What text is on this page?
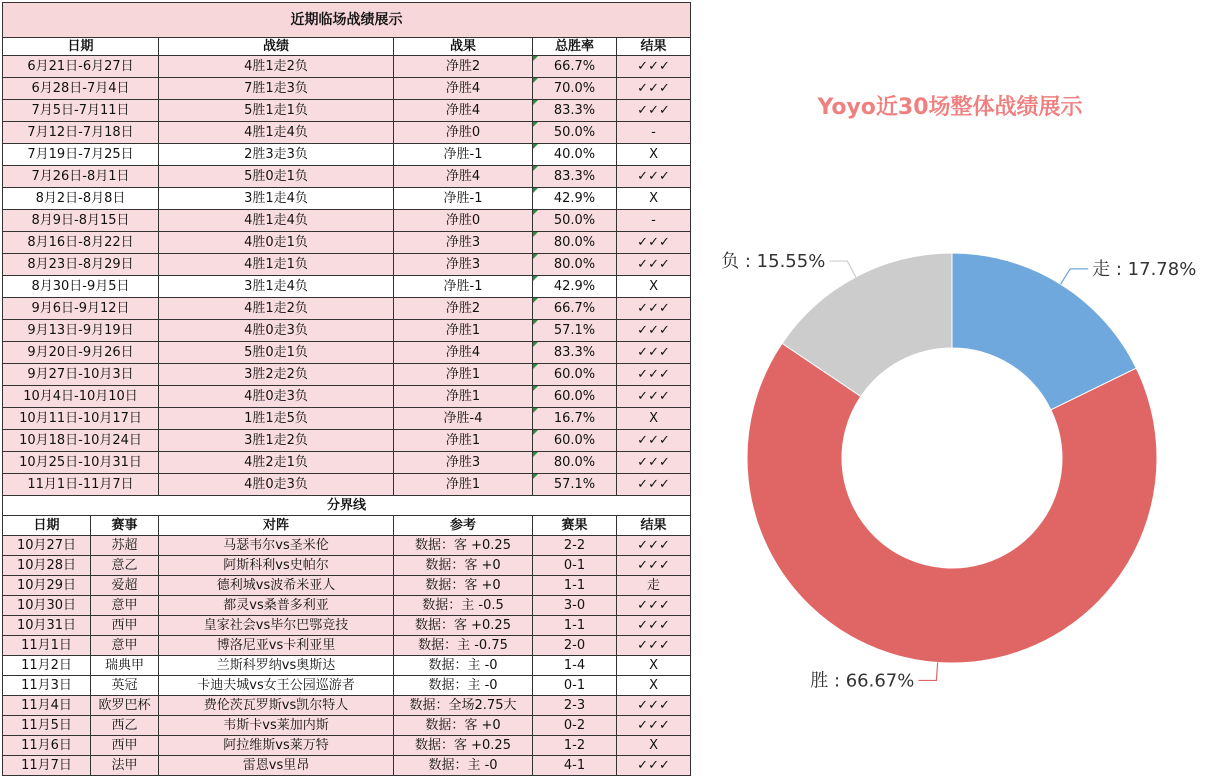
近期临场战绩展示					
日期		战绩	战果	总胜率	结果
6月21日-6月27日		4胜1走2负	净胜2	66.7%	✓✓✓
6月28日-7月4日		7胜1走3负	净胜4	70.0%	✓✓✓
7月5日-7月11日		5胜1走1负	净胜4	83.3%	✓✓✓
7月12日-7月18日		4胜1走4负	净胜0	50.0%	-
7月19日-7月25日		2胜3走3负	净胜-1	40.0%	X
7月26日-8月1日		5胜0走1负	净胜4	83.3%	✓✓✓
8月2日-8月8日		3胜1走4负	净胜-1	42.9%	X
8月9日-8月15日		4胜1走4负	净胜0	50.0%	-
8月16日-8月22日		4胜0走1负	净胜3	80.0%	✓✓✓
8月23日-8月29日		4胜1走1负	净胜3	80.0%	✓✓✓
8月30日-9月5日		3胜1走4负	净胜-1	42.9%	X
9月6日-9月12日		4胜1走2负	净胜2	66.7%	✓✓✓
9月13日-9月19日		4胜0走3负	净胜1	57.1%	✓✓✓
9月20日-9月26日		5胜0走1负	净胜4	83.3%	✓✓✓
9月27日-10月3日		3胜2走2负	净胜1	60.0%	✓✓✓
10月4日-10月10日		4胜0走3负	净胜1	60.0%	✓✓✓
10月11日-10月17日		1胜1走5负	净胜-4	16.7%	X
10月18日-10月24日		3胜1走2负	净胜1	60.0%	✓✓✓
10月25日-10月31日		4胜2走1负	净胜3	80.0%	✓✓✓
11月1日-11月7日		4胜0走3负	净胜1	57.1%	✓✓✓
分界线					
日期	赛事	对阵	参考	赛果	结果
10月27日	苏超	马瑟韦尔vs圣米伦	数据：客 +0.25	2-2	✓✓✓
10月28日	意乙	阿斯科利vs史帕尔	数据：客 +0	0-1	✓✓✓
10月29日	爱超	德利城vs波希米亚人	数据：客 +0	1-1	走
10月30日	意甲	都灵vs桑普多利亚	数据：主 -0.5	3-0	✓✓✓
10月31日	西甲	皇家社会vs毕尔巴鄂竞技	数据：客 +0.25	1-1	✓✓✓
11月1日	意甲	博洛尼亚vs卡利亚里	数据：主 -0.75	2-0	✓✓✓
11月2日	瑞典甲	兰斯科罗纳vs奥斯达	数据：主 -0	1-4	X
11月3日	英冠	卡迪夫城vs女王公园巡游者	数据：主 -0	0-1	X
11月4日	欧罗巴杯	费伦茨瓦罗斯vs凯尔特人	数据：全场2.75大	2-3	✓✓✓
11月5日	西乙	韦斯卡vs莱加内斯	数据：客 +0	0-2	✓✓✓
11月6日	西甲	阿拉维斯vs莱万特	数据：客 +0.25	1-2	X
11月7日	法甲	雷恩vs里昂	数据：主 -0	4-1	✓✓✓
Yoyo近30场整体战绩展示
走 : 17.78%
胜 : 66.67%
负 : 15.55%
